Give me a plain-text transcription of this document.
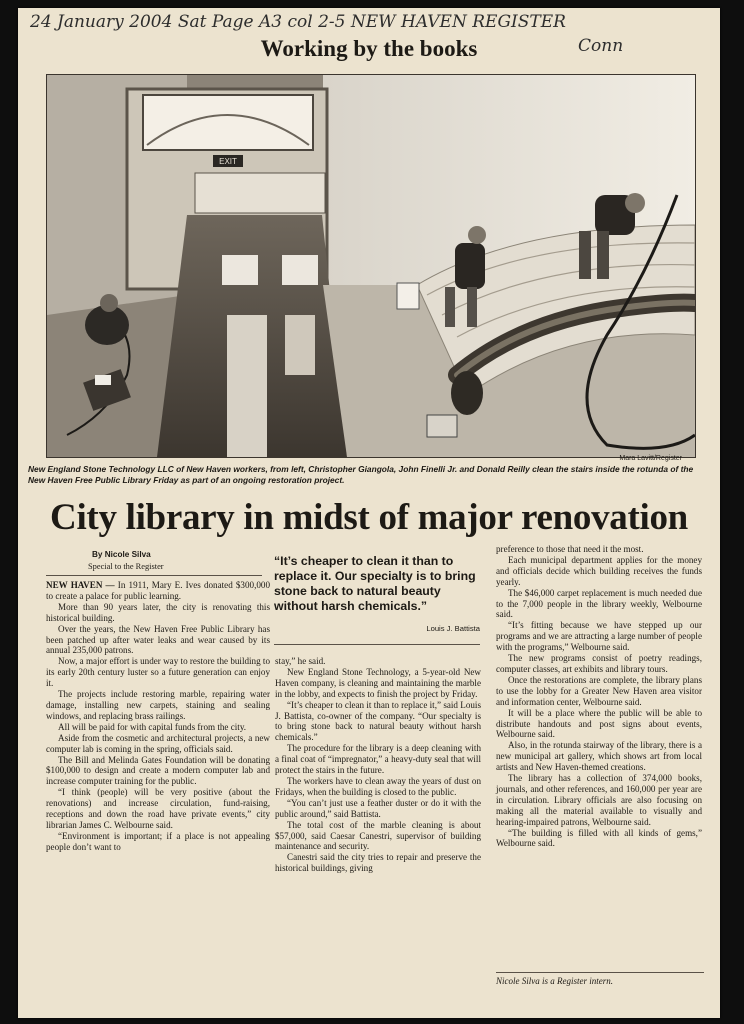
24 January 2004 Sat Page A3 col 2-5 NEW HAVEN REGISTER
Conn
Working by the books
EXIT
Mara Lavitt/Register
New England Stone Technology LLC of New Haven workers, from left, Christopher Giangola, John Finelli Jr. and Donald Reilly clean the stairs inside the rotunda of the New Haven Free Public Library Friday as part of an ongoing restoration project.
City library in midst of major renovation
By Nicole Silva
Special to the Register	“It’s cheaper to clean it than to replace it. Our specialty is to bring stone back to natural beauty without harsh chemicals.”
Louis J. Battista

NEW HAVEN — In 1911, Mary E. Ives donated $300,000 to create a palace for public learning.

More than 90 years later, the city is renovating this historical building.

Over the years, the New Haven Free Public Library has been patched up after water leaks and wear caused by its annual 235,000 patrons.

Now, a major effort is under way to restore the building to its early 20th century luster so a future generation can enjoy it.

The projects include restoring marble, repairing water damage, installing new carpets, staining and sealing windows, and replacing brass railings.

All will be paid for with capital funds from the city.

Aside from the cosmetic and architectural projects, a new computer lab is coming in the spring, officials said.

The Bill and Melinda Gates Foundation will be donating $100,000 to design and create a modern computer lab and increase computer training for the public.

“I think (people) will be very positive (about the renovations) and increase circulation, fund-raising, receptions and down the road have private events,” city librarian James C. Welbourne said.

“Environment is important; if a place is not appealing people don’t want to

stay,” he said.

New England Stone Technology, a 5-year-old New Haven company, is cleaning and maintaining the marble in the lobby, and expects to finish the project by Friday.

“It’s cheaper to clean it than to replace it,” said Louis J. Battista, co-owner of the company. “Our specialty is to bring stone back to natural beauty without harsh chemicals.”

The procedure for the library is a deep cleaning with a final coat of “impregnator,” a heavy-duty seal that will protect the stairs in the future.

The workers have to clean away the years of dust on Fridays, when the building is closed to the public.

“You can’t just use a feather duster or do it with the public around,” said Battista.

The total cost of the marble cleaning is about $57,000, said Caesar Canestri, supervisor of building maintenance and security.

Canestri said the city tries to repair and preserve the historical buildings, giving

preference to those that need it the most.

Each municipal department applies for the money and officials decide which building receives the funds yearly.

The $46,000 carpet replacement is much needed due to the 7,000 people in the library weekly, Welbourne said.

“It’s fitting because we have stepped up our programs and we are attracting a large number of people with the programs,” Welbourne said.

The new programs consist of poetry readings, computer classes, art exhibits and library tours.

Once the restorations are complete, the library plans to use the lobby for a Greater New Haven area visitor and information center, Welbourne said.

It will be a place where the public will be able to distribute handouts and post signs about events, Welbourne said.

Also, in the rotunda stairway of the library, there is a new municipal art gallery, which shows art from local artists and New Haven-themed creations.

The library has a collection of 374,000 books, journals, and other references, and 160,000 per year are in circulation. Library officials are also focusing on making all the material available to visually and hearing-impaired patrons, Welbourne said.

“The building is filled with all kinds of gems,” Welbourne said.

Nicole Silva is a Register intern.
